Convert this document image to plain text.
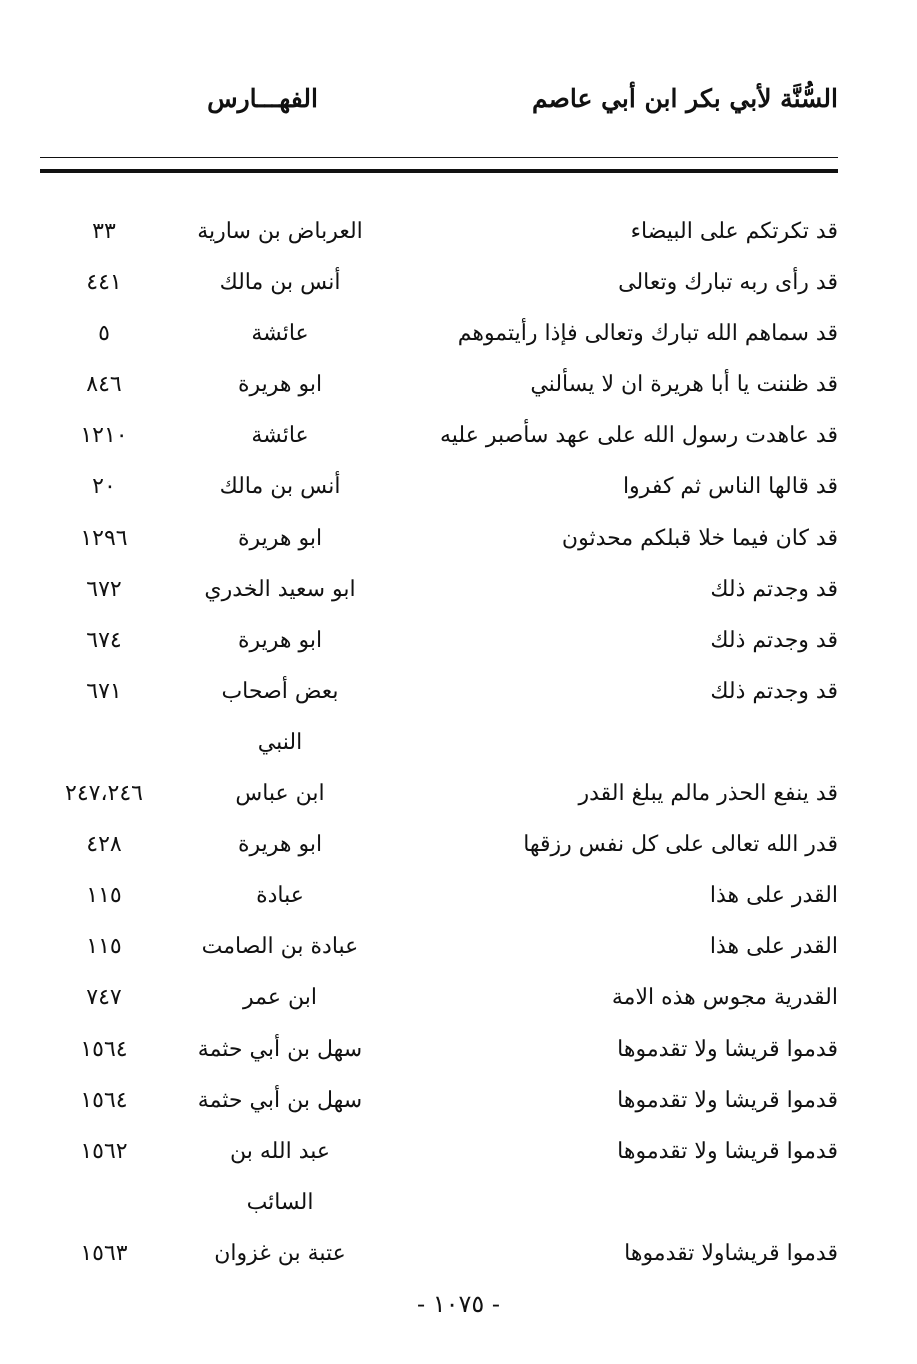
السُّنَّة لأبي بكر ابن أبي عاصم
الفهـــارس
قد تكرتكم على البيضاء
العرباض بن سارية
٣٣
قد رأى ربه تبارك وتعالى
أنس بن مالك
٤٤١
قد سماهم الله تبارك وتعالى فإذا رأيتموهم
عائشة
٥
قد ظننت يا أبا هريرة ان لا يسألني
ابو هريرة
٨٤٦
قد عاهدت رسول الله على عهد سأصبر عليه
عائشة
١٢١٠
قد قالها الناس ثم كفروا
أنس بن مالك
٢٠
قد كان فيما خلا قبلكم محدثون
ابو هريرة
١٢٩٦
قد وجدتم ذلك
ابو سعيد الخدري
٦٧٢
قد وجدتم ذلك
ابو هريرة
٦٧٤
قد وجدتم ذلك
بعض أصحاب
٦٧١
النبي
قد ينفع الحذر مالم يبلغ القدر
ابن عباس
٢٤٧،٢٤٦
قدر الله تعالى على كل نفس رزقها
ابو هريرة
٤٢٨
القدر على هذا
عبادة
١١٥
القدر على هذا
عبادة بن الصامت
١١٥
القدرية مجوس هذه الامة
ابن عمر
٧٤٧
قدموا قريشا ولا تقدموها
سهل بن أبي حثمة
١٥٦٤
قدموا قريشا ولا تقدموها
سهل بن أبي حثمة
١٥٦٤
قدموا قريشا ولا تقدموها
عبد الله بن
١٥٦٢
السائب
قدموا قريشاولا تقدموها
عتبة بن غزوان
١٥٦٣
- ١٠٧٥ -
